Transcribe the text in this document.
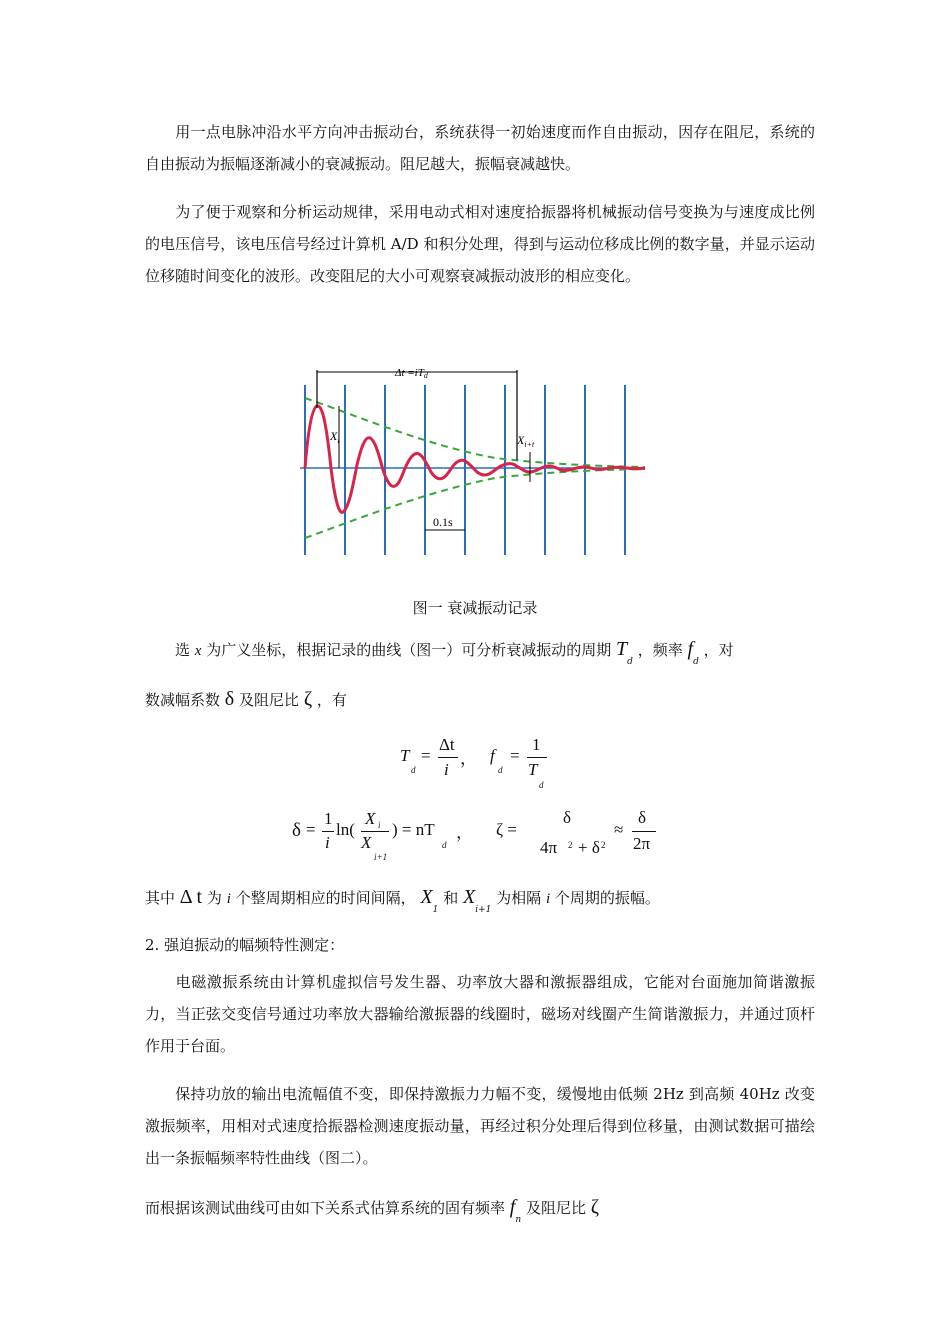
用一点电脉冲沿水平方向冲击振动台，系统获得一初始速度而作自由振动，因存在阻尼，系统的自由振动为振幅逐渐减小的衰减振动。阻尼越大，振幅衰减越快。

为了便于观察和分析运动规律，采用电动式相对速度拾振器将机械振动信号变换为与速度成比例的电压信号，该电压信号经过计算机 A/D 和积分处理，得到与运动位移成比例的数字量，并显示运动位移随时间变化的波形。改变阻尼的大小可观察衰减振动波形的相应变化。

Δt =iTd
$X_i$	$X_{i+t}$
0.1s
图一 衰减振动记录
选 x 为广义坐标，根据记录的曲线（图一）可分析衰减振动的周期 $T_d$ ，频率 $f_d$ ，对
数减幅系数 δ 及阻尼比 ζ ，有
T
d
=
Δt
i
， f
d
=
1
T
d
δ =
1
i
ln(
X i
X
i+1
) = nT
d
， ζ =
δ
4π 2 + δ 2
≈
δ
2π
其中 Δ t 为 i 个整周期相应的时间间隔， $X_1$ 和 $X_{i+1}$ 为相隔 i 个周期的振幅。
2. 强迫振动的幅频特性测定：

电磁激振系统由计算机虚拟信号发生器、功率放大器和激振器组成，它能对台面施加简谐激振力，当正弦交变信号通过功率放大器输给激振器的线圈时，磁场对线圈产生简谐激振力，并通过顶杆作用于台面。

保持功放的输出电流幅值不变，即保持激振力力幅不变，缓慢地由低频 2Hz 到高频 40Hz 改变激振频率，用相对式速度拾振器检测速度振动量，再经过积分处理后得到位移量，由测试数据可描绘出一条振幅频率特性曲线（图二）。

而根据该测试曲线可由如下关系式估算系统的固有频率 $f_n$ 及阻尼比 ζ
